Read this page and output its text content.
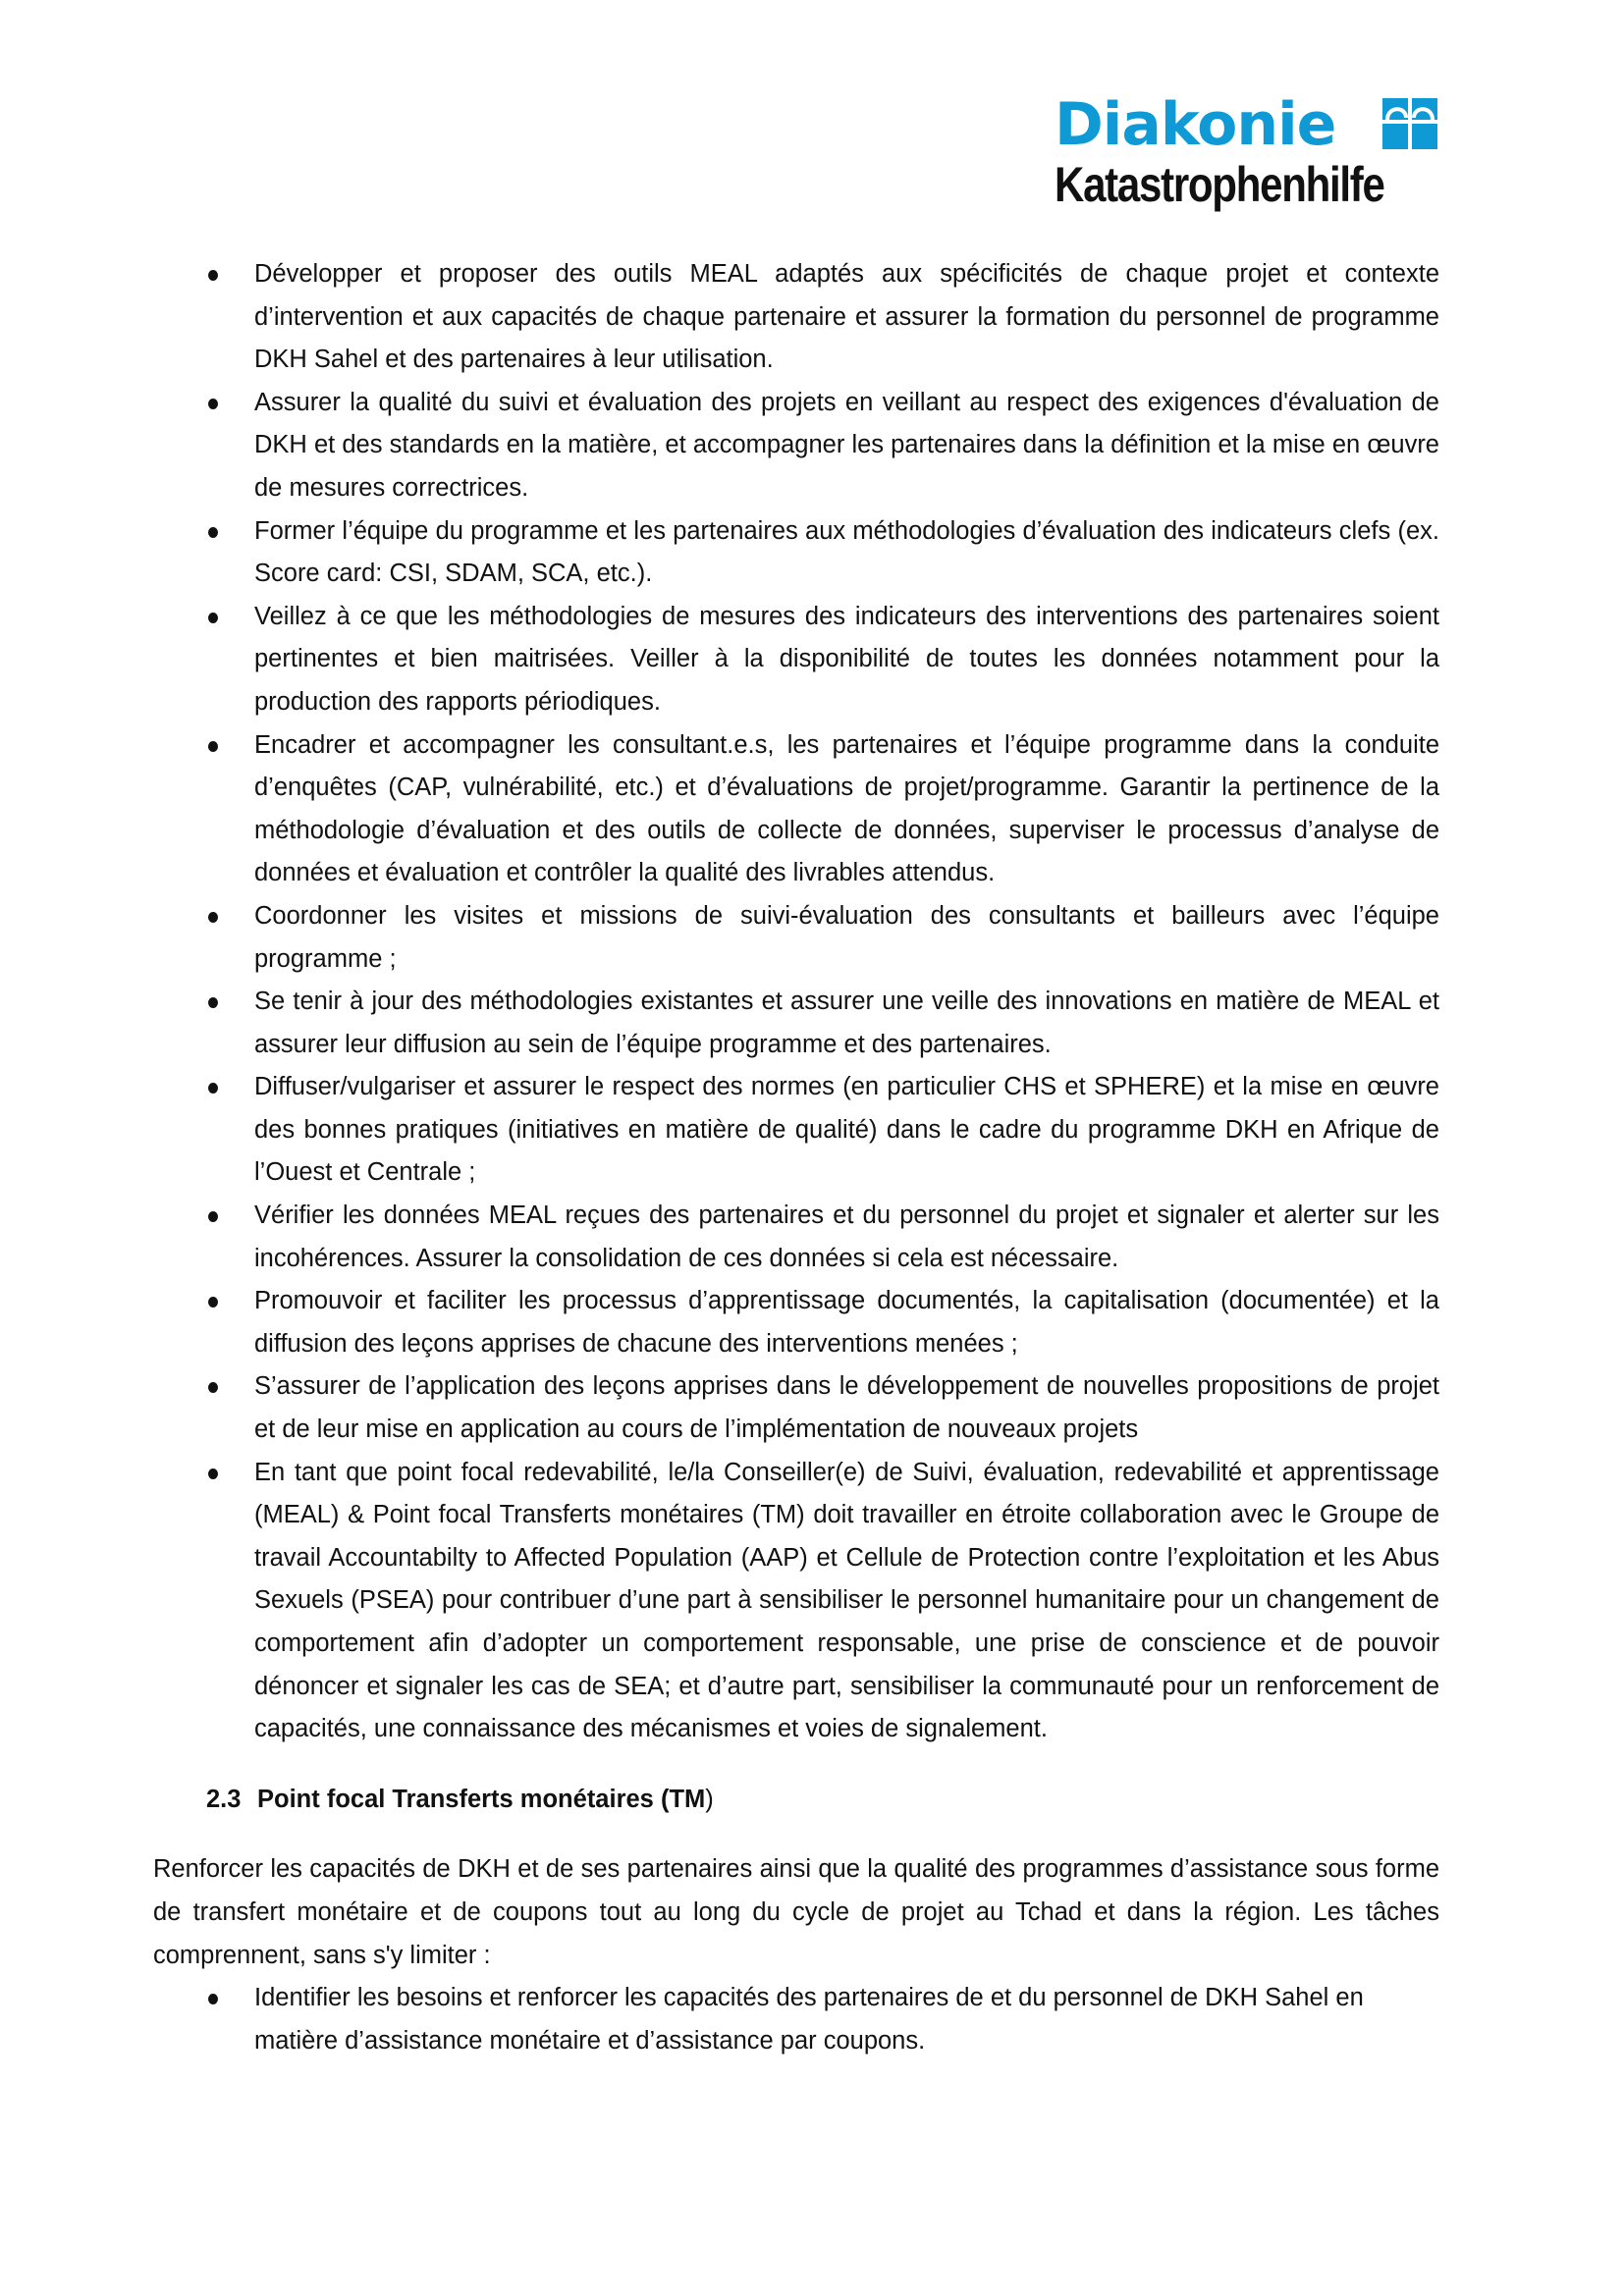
Diakonie
Katastrophenhilfe
Développer et proposer des outils MEAL adaptés aux spécificités de chaque projet et contexte d’intervention et aux capacités de chaque partenaire et assurer la formation du personnel de programme DKH Sahel et des partenaires à leur utilisation.
Assurer la qualité du suivi et évaluation des projets en veillant au respect des exigences d'évaluation de DKH et des standards en la matière, et accompagner les partenaires dans la définition et la mise en œuvre de mesures correctrices.
Former l’équipe du programme et les partenaires aux méthodologies d’évaluation des indicateurs clefs (ex. Score card: CSI, SDAM, SCA, etc.).
Veillez à ce que les méthodologies de mesures des indicateurs des interventions des partenaires soient pertinentes et bien maitrisées. Veiller à la disponibilité de toutes les données notamment pour la production des rapports périodiques.
Encadrer et accompagner les consultant.e.s, les partenaires et l’équipe programme dans la conduite d’enquêtes (CAP, vulnérabilité, etc.) et d’évaluations de projet/programme. Garantir la pertinence de la méthodologie d’évaluation et des outils de collecte de données, superviser le processus d’analyse de données et évaluation et contrôler la qualité des livrables attendus.
Coordonner les visites et missions de suivi-évaluation des consultants et bailleurs avec l’équipe programme ;
Se tenir à jour des méthodologies existantes et assurer une veille des innovations en matière de MEAL et assurer leur diffusion au sein de l’équipe programme et des partenaires.
Diffuser/vulgariser et assurer le respect des normes (en particulier CHS et SPHERE) et la mise en œuvre des bonnes pratiques (initiatives en matière de qualité) dans le cadre du programme DKH en Afrique de l’Ouest et Centrale ;
Vérifier les données MEAL reçues des partenaires et du personnel du projet et signaler et alerter sur les incohérences. Assurer la consolidation de ces données si cela est nécessaire.
Promouvoir et faciliter les processus d’apprentissage documentés, la capitalisation (documentée) et la diffusion des leçons apprises de chacune des interventions menées ;
S’assurer de l’application des leçons apprises dans le développement de nouvelles propositions de projet et de leur mise en application au cours de l’implémentation de nouveaux projets
En tant que point focal redevabilité, le/la Conseiller(e) de Suivi, évaluation, redevabilité et apprentissage (MEAL) & Point focal Transferts monétaires (TM) doit travailler en étroite collaboration avec le Groupe de travail Accountabilty to Affected Population (AAP) et Cellule de Protection contre l’exploitation et les Abus Sexuels (PSEA) pour contribuer d’une part à sensibiliser le personnel humanitaire pour un changement de comportement afin d’adopter un comportement responsable, une prise de conscience et de pouvoir dénoncer et signaler les cas de SEA; et d’autre part, sensibiliser la communauté pour un renforcement de capacités, une connaissance des mécanismes et voies de signalement.
2.3 Point focal Transferts monétaires (TM)
Renforcer les capacités de DKH et de ses partenaires ainsi que la qualité des programmes d’assistance sous forme de transfert monétaire et de coupons tout au long du cycle de projet au Tchad et dans la région. Les tâches comprennent, sans s'y limiter :
Identifier les besoins et renforcer les capacités des partenaires de et du personnel de DKH Sahel en matière d’assistance monétaire et d’assistance par coupons.
